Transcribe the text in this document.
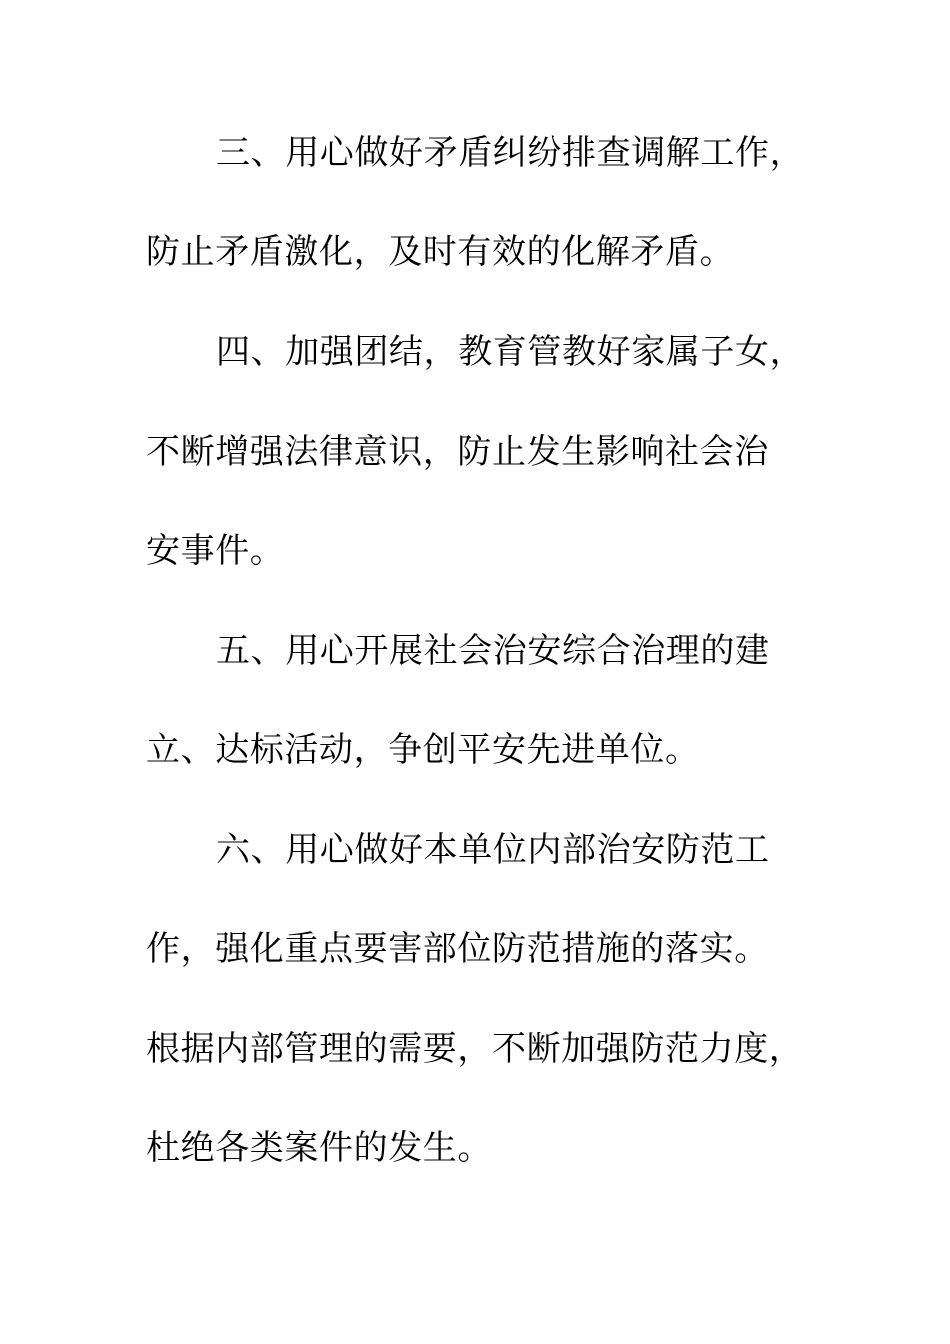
三、用心做好矛盾纠纷排查调解工作，
防止矛盾激化，及时有效的化解矛盾。
四、加强团结，教育管教好家属子女，
不断增强法律意识，防止发生影响社会治
安事件。
五、用心开展社会治安综合治理的建
立、达标活动，争创平安先进单位。
六、用心做好本单位内部治安防范工
作，强化重点要害部位防范措施的落实。
根据内部管理的需要，不断加强防范力度，
杜绝各类案件的发生。
